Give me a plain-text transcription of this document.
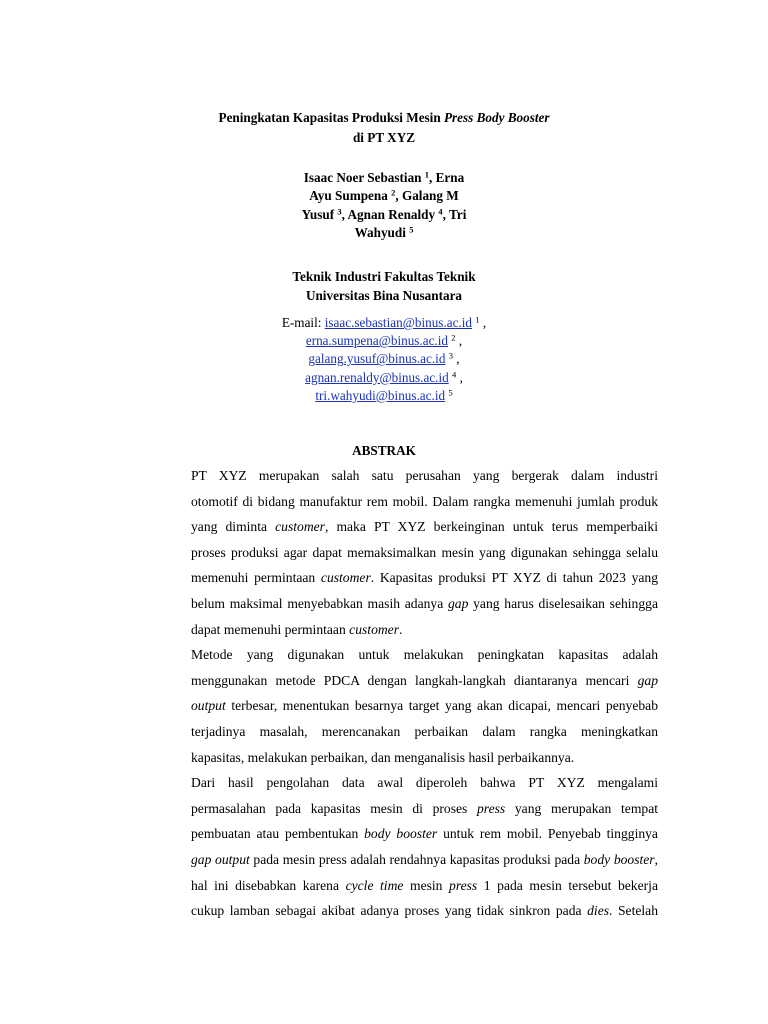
Peningkatan Kapasitas Produksi Mesin Press Body Booster
di PT XYZ
Isaac Noer Sebastian $^1$, Erna
Ayu Sumpena $^2$, Galang M
Yusuf $^3$, Agnan Renaldy $^4$, Tri
Wahyudi $^5$
Teknik Industri Fakultas Teknik
Universitas Bina Nusantara
E-mail: isaac.sebastian@binus.ac.id $^1$ ,
erna.sumpena@binus.ac.id $^2$ ,
galang.yusuf@binus.ac.id $^3$ ,
agnan.renaldy@binus.ac.id $^4$ ,
tri.wahyudi@binus.ac.id $^5$
ABSTRAK

PT XYZ merupakan salah satu perusahan yang bergerak dalam industri
otomotif di bidang manufaktur rem mobil. Dalam rangka memenuhi jumlah produk
yang diminta customer, maka PT XYZ berkeinginan untuk terus memperbaiki
proses produksi agar dapat memaksimalkan mesin yang digunakan sehingga selalu
memenuhi permintaan customer. Kapasitas produksi PT XYZ di tahun 2023 yang
belum maksimal menyebabkan masih adanya gap yang harus diselesaikan sehingga
dapat memenuhi permintaan customer.

Metode yang digunakan untuk melakukan peningkatan kapasitas adalah
menggunakan metode PDCA dengan langkah-langkah diantaranya mencari gap
output terbesar, menentukan besarnya target yang akan dicapai, mencari penyebab
terjadinya masalah, merencanakan perbaikan dalam rangka meningkatkan
kapasitas, melakukan perbaikan, dan menganalisis hasil perbaikannya.

Dari hasil pengolahan data awal diperoleh bahwa PT XYZ mengalami
permasalahan pada kapasitas mesin di proses press yang merupakan tempat
pembuatan atau pembentukan body booster untuk rem mobil. Penyebab tingginya
gap output pada mesin press adalah rendahnya kapasitas produksi pada body booster,
hal ini disebabkan karena cycle time mesin press 1 pada mesin tersebut bekerja
cukup lamban sebagai akibat adanya proses yang tidak sinkron pada dies. Setelah
